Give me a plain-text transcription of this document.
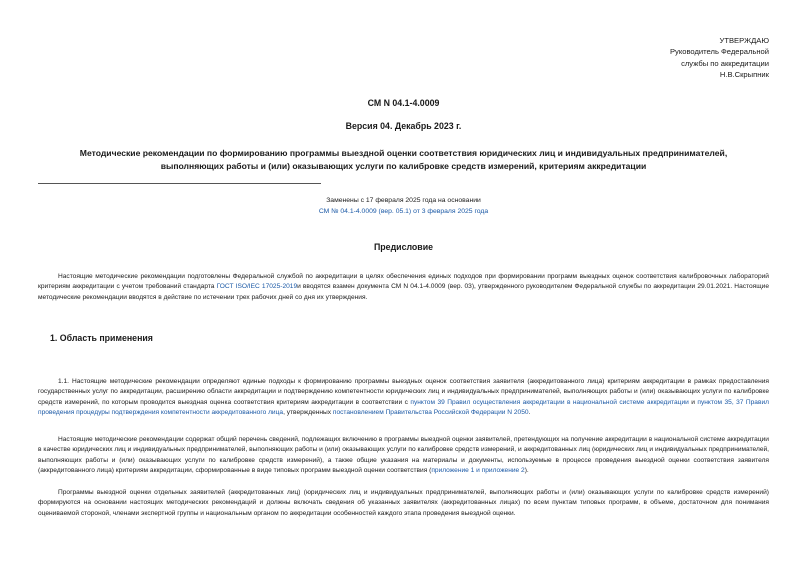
УТВЕРЖДАЮ
Руководитель Федеральной
службы по аккредитации
Н.В.Скрыпник
СМ N 04.1-4.0009
Версия 04. Декабрь 2023 г.
Методические рекомендации по формированию программы выездной оценки соответствия юридических лиц и индивидуальных предпринимателей, выполняющих работы и (или) оказывающих услуги по калибровке средств измерений, критериям аккредитации
Заменены с 17 февраля 2025 года на основании
СМ № 04.1-4.0009 (вер. 05.1) от 3 февраля 2025 года
Предисловие
Настоящие методические рекомендации подготовлены Федеральной службой по аккредитации в целях обеспечения единых подходов при формировании программ выездных оценок соответствия калибровочных лабораторий критериям аккредитации с учетом требований стандарта ГОСТ ISO/IEC 17025-2019и вводятся взамен документа СМ N 04.1-4.0009 (вер. 03), утвержденного руководителем Федеральной службы по аккредитации 29.01.2021. Настоящие методические рекомендации вводятся в действие по истечении трех рабочих дней со дня их утверждения.
1. Область применения
1.1. Настоящие методические рекомендации определяют единые подходы к формированию программы выездных оценок соответствия заявителя (аккредитованного лица) критериям аккредитации в рамках предоставления государственных услуг по аккредитации, расширению области аккредитации и подтверждению компетентности юридических лиц и индивидуальных предпринимателей, выполняющих работы и (или) оказывающих услуги по калибровке средств измерений, по которым проводится выездная оценка соответствия критериям аккредитации в соответствии с пунктом 39 Правил осуществления аккредитации в национальной системе аккредитации и пунктом 35, 37 Правил проведения процедуры подтверждения компетентности аккредитованного лица, утвержденных постановлением Правительства Российской Федерации N 2050.
Настоящие методические рекомендации содержат общий перечень сведений, подлежащих включению в программы выездной оценки заявителей, претендующих на получение аккредитации в национальной системе аккредитации в качестве юридических лиц и индивидуальных предпринимателей, выполняющих работы и (или) оказывающих услуги по калибровке средств измерений, и аккредитованных лиц (юридических лиц и индивидуальных предпринимателей, выполняющих работы и (или) оказывающих услуги по калибровке средств измерений), а также общие указания на материалы и документы, используемые в процессе проведения выездной оценки соответствия заявителя (аккредитованного лица) критериям аккредитации, сформированные в виде типовых программ выездной оценки соответствия (приложение 1 и приложение 2).
Программы выездной оценки отдельных заявителей (аккредитованных лиц) (юридических лиц и индивидуальных предпринимателей, выполняющих работы и (или) оказывающих услуги по калибровке средств измерений) формируются на основании настоящих методических рекомендаций и должны включать сведения об указанных заявителях (аккредитованных лицах) по всем пунктам типовых программ, в объеме, достаточном для понимания оцениваемой стороной, членами экспертной группы и национальным органом по аккредитации особенностей каждого этапа проведения выездной оценки.
